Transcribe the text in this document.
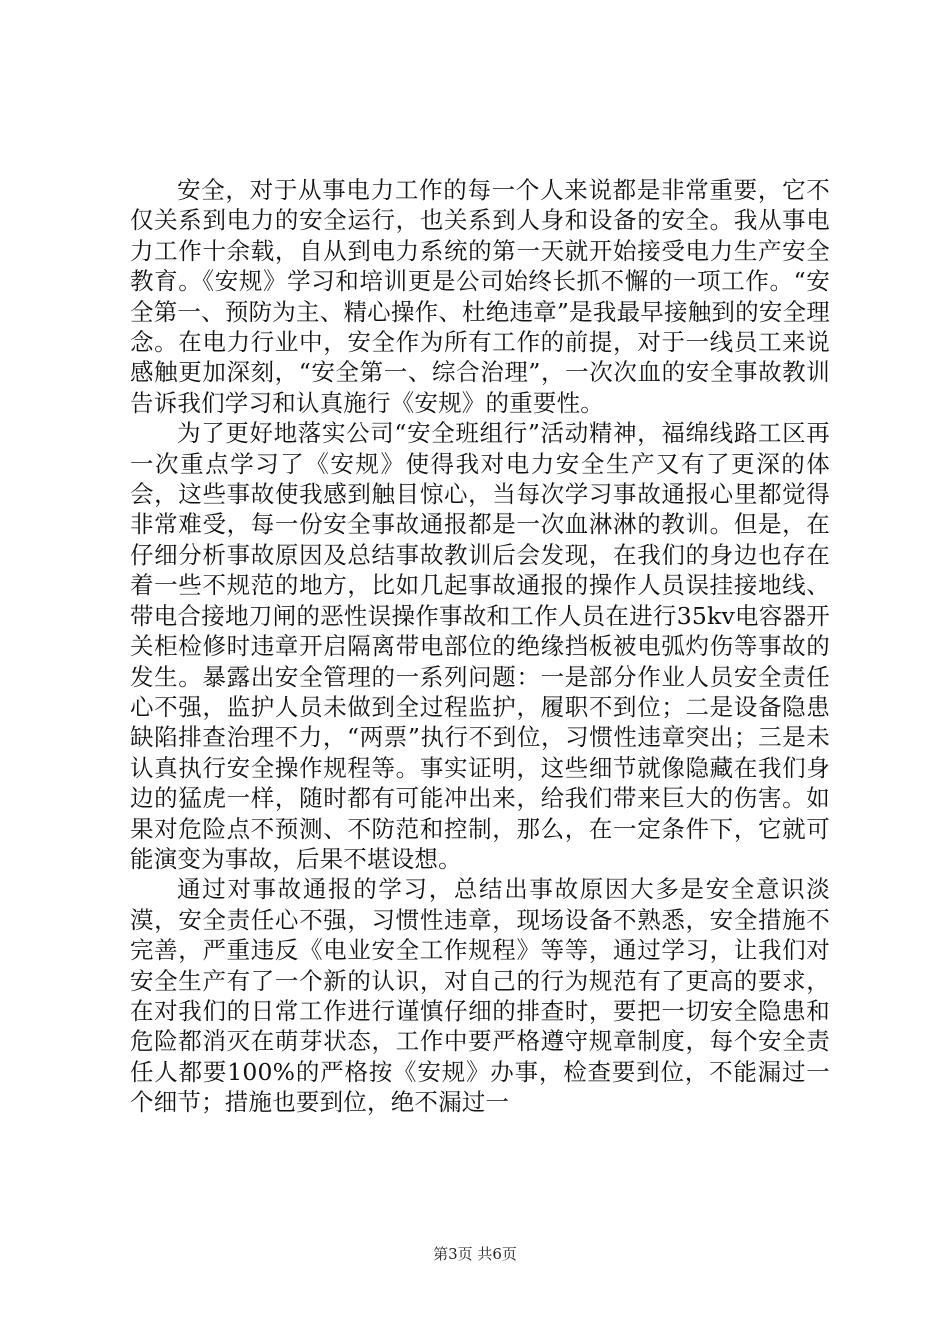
安全，对于从事电力工作的每一个人来说都是非常重要，它不仅关系到电力的安全运行，也关系到人身和设备的安全。我从事电力工作十余载，自从到电力系统的第一天就开始接受电力生产安全教育。《安规》学习和培训更是公司始终长抓不懈的一项工作。“安全第一、预防为主、精心操作、杜绝违章”是我最早接触到的安全理念。在电力行业中，安全作为所有工作的前提，对于一线员工来说感触更加深刻，“安全第一、综合治理”，一次次血的安全事故教训告诉我们学习和认真施行《安规》的重要性。

为了更好地落实公司“安全班组行”活动精神，福绵线路工区再一次重点学习了《安规》使得我对电力安全生产又有了更深的体会，这些事故使我感到触目惊心，当每次学习事故通报心里都觉得非常难受，每一份安全事故通报都是一次血淋淋的教训。但是，在仔细分析事故原因及总结事故教训后会发现，在我们的身边也存在着一些不规范的地方，比如几起事故通报的操作人员误挂接地线、带电合接地刀闸的恶性误操作事故和工作人员在进行35kv电容器开关柜检修时违章开启隔离带电部位的绝缘挡板被电弧灼伤等事故的发生。暴露出安全管理的一系列问题：一是部分作业人员安全责任心不强，监护人员未做到全过程监护，履职不到位；二是设备隐患缺陷排查治理不力，“两票”执行不到位，习惯性违章突出；三是未认真执行安全操作规程等。事实证明，这些细节就像隐藏在我们身边的猛虎一样，随时都有可能冲出来，给我们带来巨大的伤害。如果对危险点不预测、不防范和控制，那么，在一定条件下，它就可能演变为事故，后果不堪设想。

通过对事故通报的学习，总结出事故原因大多是安全意识淡漠，安全责任心不强，习惯性违章，现场设备不熟悉，安全措施不完善，严重违反《电业安全工作规程》等等，通过学习，让我们对安全生产有了一个新的认识，对自己的行为规范有了更高的要求，在对我们的日常工作进行谨慎仔细的排查时，要把一切安全隐患和危险都消灭在萌芽状态，工作中要严格遵守规章制度，每个安全责任人都要100%的严格按《安规》办事，检查要到位，不能漏过一个细节；措施也要到位，绝不漏过一

第3页 共6页
